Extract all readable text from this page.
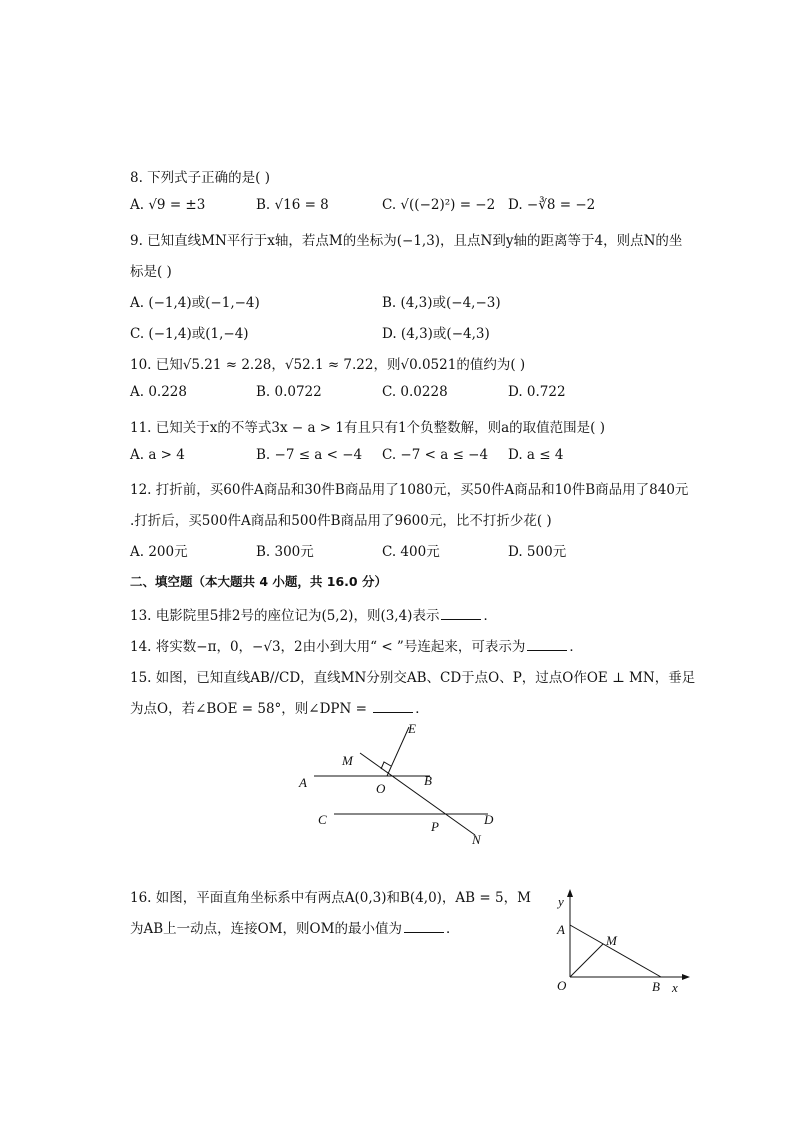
8. 下列式子正确的是( )
A. √9 = ±3	B. √16 = 8	C. √((−2)²) = −2 D. −∛8 = −2
9. 已知直线MN平行于x轴，若点M的坐标为(−1,3)，且点N到y轴的距离等于4，则点N的坐
标是( )
A. (−1,4)或(−1,−4)	B. (4,3)或(−4,−3)
C. (−1,4)或(1,−4)	D. (4,3)或(−4,3)
10. 已知√5.21 ≈ 2.28，√52.1 ≈ 7.22，则√0.0521的值约为( )
A. 0.228	B. 0.0722	C. 0.0228	D. 0.722
11. 已知关于x的不等式3x − a > 1有且只有1个负整数解，则a的取值范围是( )
A. a > 4	B. −7 ≤ a < −4 C. −7 < a ≤ −4 D. a ≤ 4
12. 打折前，买60件A商品和30件B商品用了1080元，买50件A商品和10件B商品用了840元
.打折后，买500件A商品和500件B商品用了9600元，比不打折少花( )
A. 200元	B. 300元	C. 400元	D. 500元
二、填空题（本大题共 4 小题，共 16.0 分）
13. 电影院里5排2号的座位记为(5,2)，则(3,4)表示	．
14. 将实数−π，0，−√3，2由小到大用“ < ”号连起来，可表示为	．
15. 如图，已知直线AB//CD，直线MN分别交AB、CD于点O、P，过点O作OE ⊥ MN，垂足
为点O，若∠BOE = 58°，则∠DPN =	．
E
M
A	O
B
C	P	D
N
16. 如图，平面直角坐标系中有两点A(0,3)和B(4,0)，AB = 5，M
为AB上一动点，连接OM，则OM的最小值为	．
y
A
M
O	B x
